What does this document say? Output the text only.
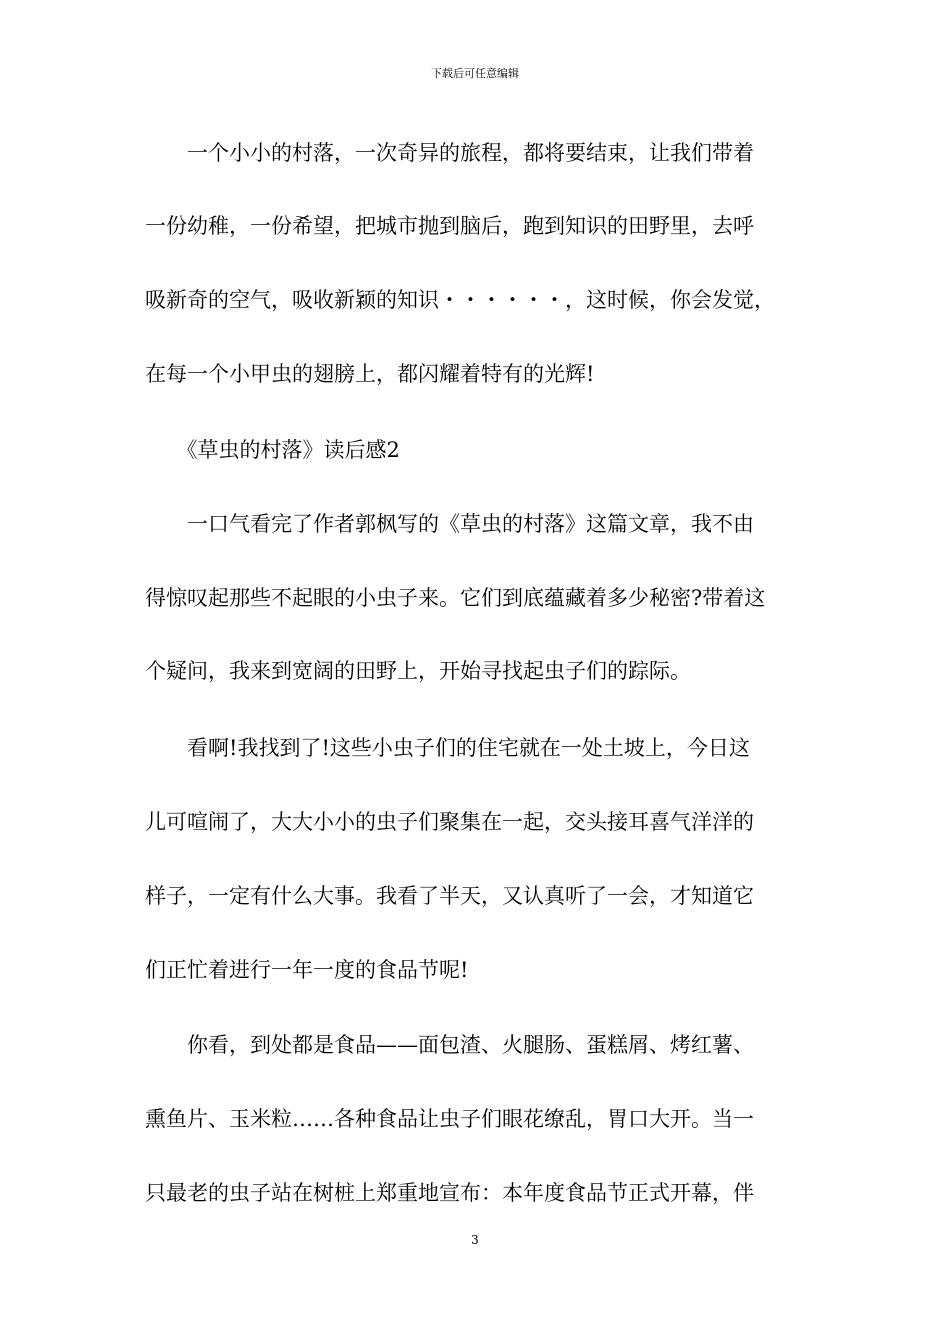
下载后可任意编辑
　　一个小小的村落，一次奇异的旅程，都将要结束，让我们带着
一份幼稚，一份希望，把城市抛到脑后，跑到知识的田野里，去呼
吸新奇的空气，吸收新颖的知识・・・・・・，这时候，你会发觉，
在每一个小甲虫的翅膀上，都闪耀着特有的光辉!
　　《草虫的村落》读后感2
　　一口气看完了作者郭枫写的《草虫的村落》这篇文章，我不由
得惊叹起那些不起眼的小虫子来。它们到底蕴藏着多少秘密?带着这
个疑问，我来到宽阔的田野上，开始寻找起虫子们的踪际。
　　看啊!我找到了!这些小虫子们的住宅就在一处土坡上，今日这
儿可喧闹了，大大小小的虫子们聚集在一起，交头接耳喜气洋洋的
样子，一定有什么大事。我看了半天，又认真听了一会，才知道它
们正忙着进行一年一度的食品节呢!
　　你看，到处都是食品——面包渣、火腿肠、蛋糕屑、烤红薯、
熏鱼片、玉米粒……各种食品让虫子们眼花缭乱，胃口大开。当一
只最老的虫子站在树桩上郑重地宣布：本年度食品节正式开幕，伴
3
